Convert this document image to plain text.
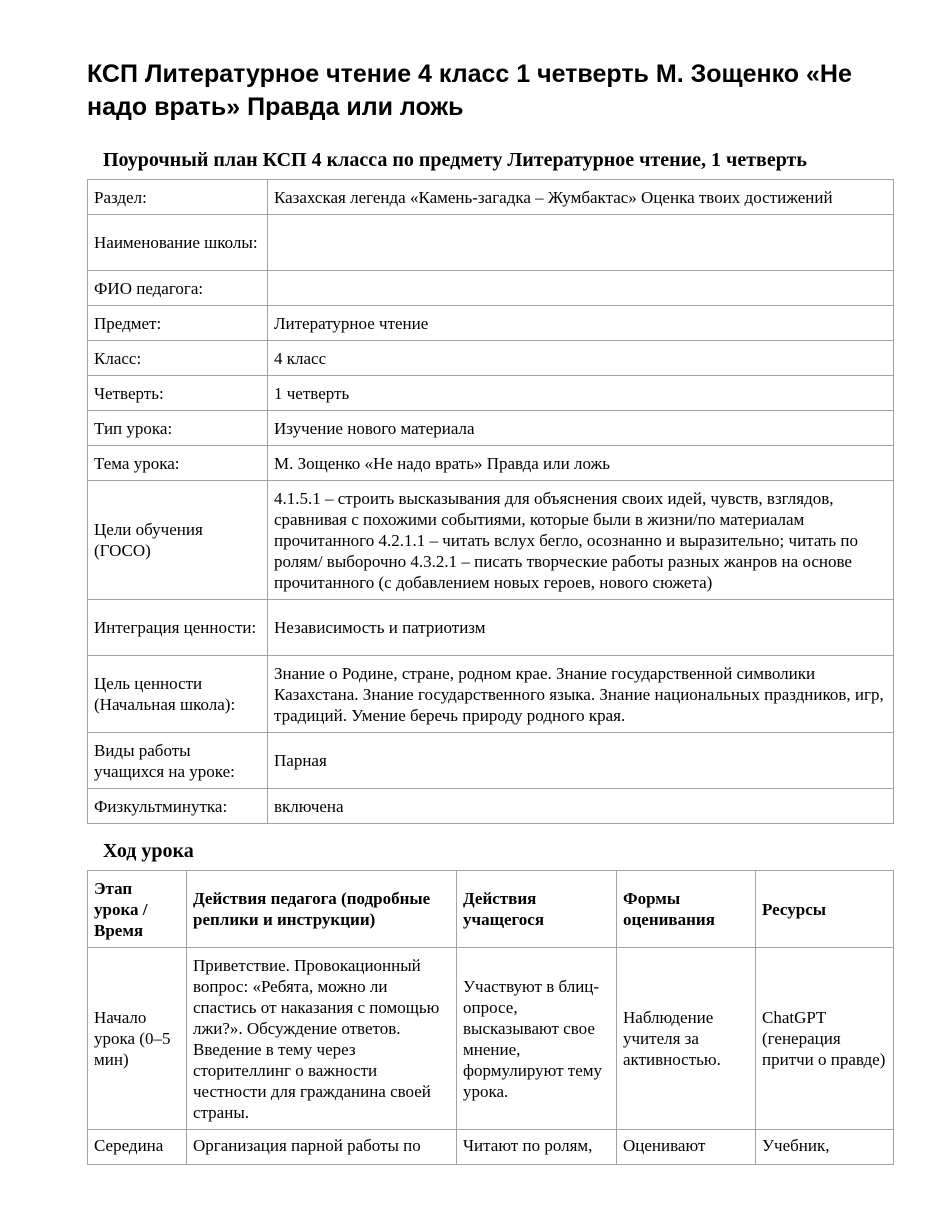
КСП Литературное чтение 4 класс 1 четверть М. Зощенко «Не надо врать» Правда или ложь
Поурочный план КСП 4 класса по предмету Литературное чтение, 1 четверть
Раздел:	Казахская легенда «Камень-загадка – Жумбактас» Оценка твоих достижений
Наименование школы:	
ФИО педагога:	
Предмет:	Литературное чтение
Класс:	4 класс
Четверть:	1 четверть
Тип урока:	Изучение нового материала
Тема урока:	М. Зощенко «Не надо врать» Правда или ложь
Цели обучения (ГОСО)	4.1.5.1 – строить высказывания для объяснения своих идей, чувств, взглядов, сравнивая с похожими событиями, которые были в жизни/по материалам прочитанного 4.2.1.1 – читать вслух бегло, осознанно и выразительно; читать по ролям/ выборочно 4.3.2.1 – писать творческие работы разных жанров на основе прочитанного (с добавлением новых героев, нового сюжета)
Интеграция ценности:	Независимость и патриотизм
Цель ценности (Начальная школа):	Знание о Родине, стране, родном крае. Знание государственной символики Казахстана. Знание государственного языка. Знание национальных праздников, игр, традиций. Умение беречь природу родного края.
Виды работы учащихся на уроке:	Парная
Физкультминутка:	включена
Ход урока
Этап урока / Время	Действия педагога (подробные реплики и инструкции)	Действия учащегося	Формы оценивания	Ресурсы
Начало урока (0–5 мин)	Приветствие. Провокационный вопрос: «Ребята, можно ли спастись от наказания с помощью лжи?». Обсуждение ответов. Введение в тему через сторителлинг о важности честности для гражданина своей страны.	Участвуют в блиц-опросе, высказывают свое мнение, формулируют тему урока.	Наблюдение учителя за активностью.	ChatGPT (генерация притчи о правде)
Середина	Организация парной работы по	Читают по ролям,	Оценивают	Учебник,
